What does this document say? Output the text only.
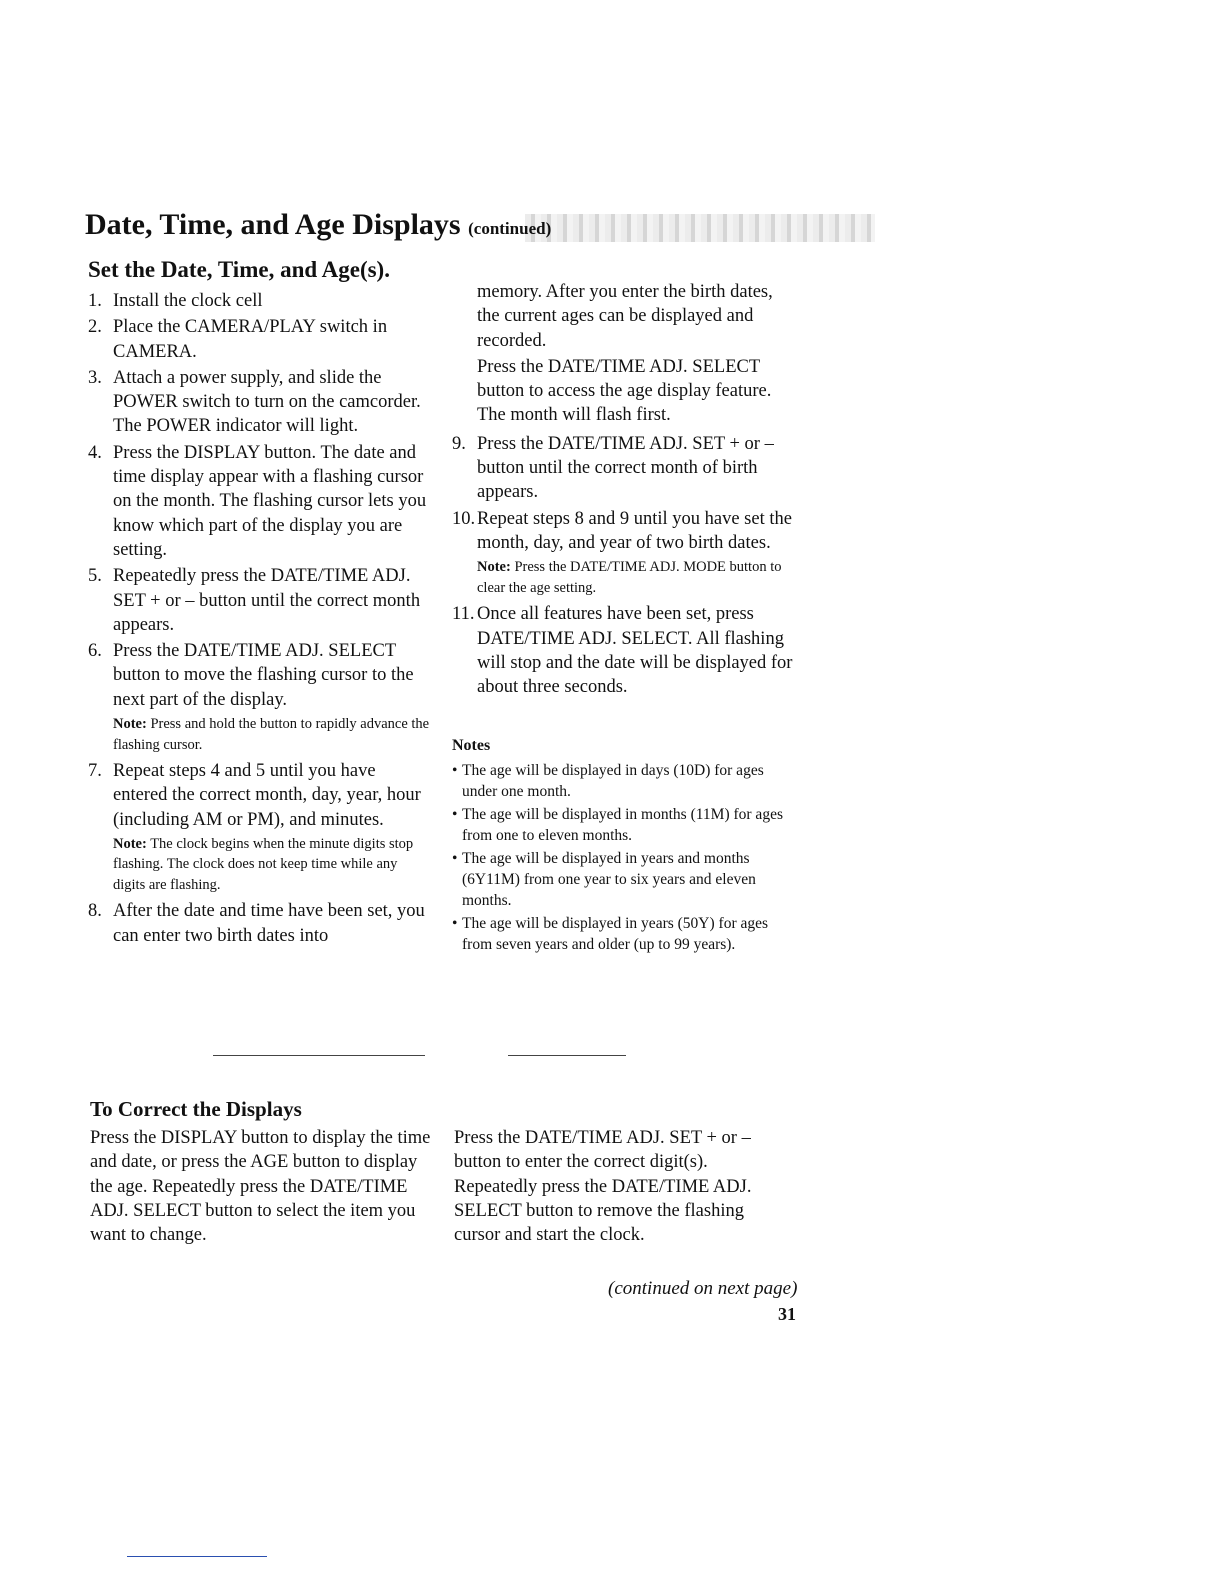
Date, Time, and Age Displays (continued)
Set the Date, Time, and Age(s).
1. Install the clock cell
2. Place the CAMERA/PLAY switch in CAMERA.
3. Attach a power supply, and slide the POWER switch to turn on the camcorder. The POWER indicator will light.
4. Press the DISPLAY button. The date and time display appear with a flashing cursor on the month. The flashing cursor lets you know which part of the display you are setting.
5. Repeatedly press the DATE/TIME ADJ. SET + or – button until the correct month appears.
6. Press the DATE/TIME ADJ. SELECT button to move the flashing cursor to the next part of the display.
Note: Press and hold the button to rapidly advance the flashing cursor.
7. Repeat steps 4 and 5 until you have entered the correct month, day, year, hour (including AM or PM), and minutes.
Note: The clock begins when the minute digits stop flashing. The clock does not keep time while any digits are flashing.
8. After the date and time have been set, you can enter two birth dates into
memory. After you enter the birth dates, the current ages can be displayed and recorded.
Press the DATE/TIME ADJ. SELECT button to access the age display feature. The month will flash first.
9. Press the DATE/TIME ADJ. SET + or – button until the correct month of birth appears.
10. Repeat steps 8 and 9 until you have set the month, day, and year of two birth dates.
Note: Press the DATE/TIME ADJ. MODE button to clear the age setting.
11. Once all features have been set, press DATE/TIME ADJ. SELECT. All flashing will stop and the date will be displayed for about three seconds.
Notes
• The age will be displayed in days (10D) for ages under one month.
• The age will be displayed in months (11M) for ages from one to eleven months.
• The age will be displayed in years and months (6Y11M) from one year to six years and eleven months.
• The age will be displayed in years (50Y) for ages from seven years and older (up to 99 years).
To Correct the Displays

Press the DISPLAY button to display the time and date, or press the AGE button to display the age. Repeatedly press the DATE/TIME ADJ. SELECT button to select the item you want to change.

Press the DATE/TIME ADJ. SET + or – button to enter the correct digit(s). Repeatedly press the DATE/TIME ADJ. SELECT button to remove the flashing cursor and start the clock.

(continued on next page)
31
